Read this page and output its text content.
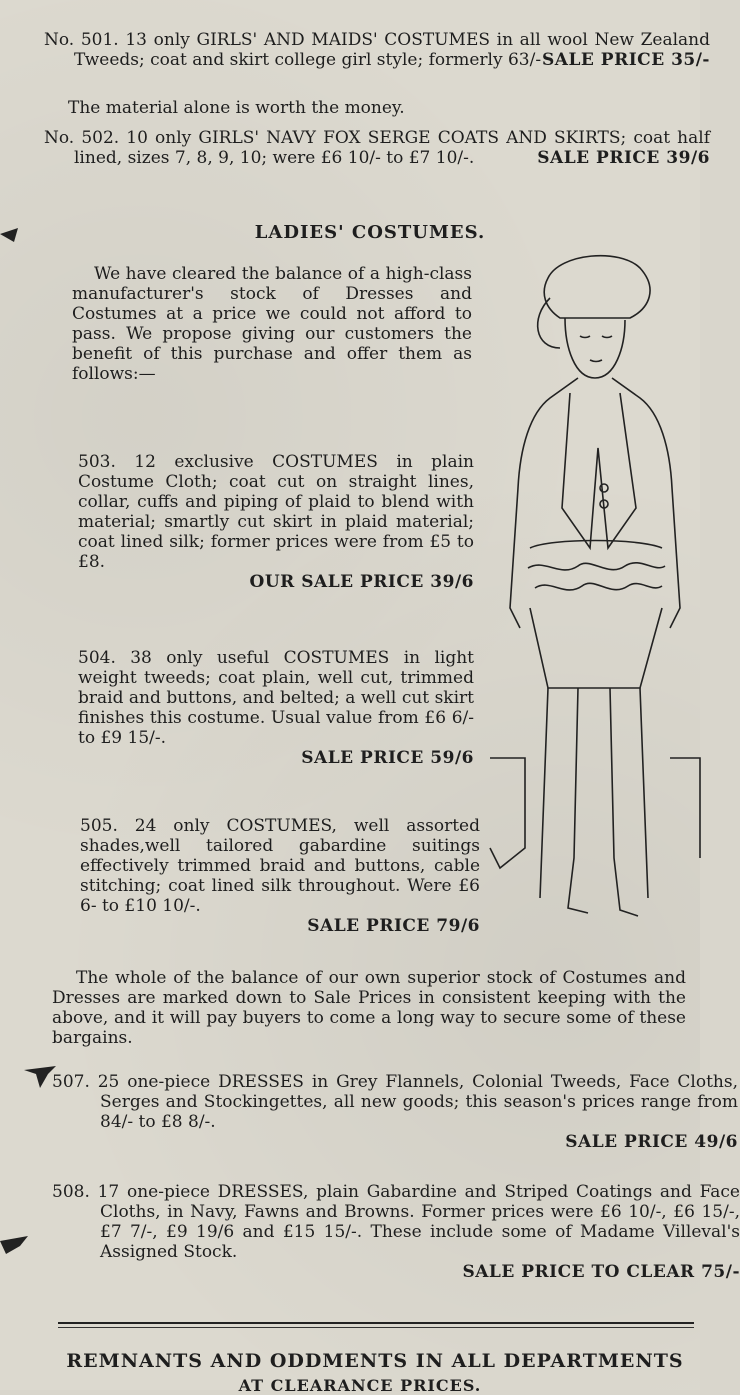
No. 501. 13 only GIRLS' AND MAIDS' COSTUMES in all wool New Zealand Tweeds; coat and skirt college girl style; formerly 63/- SALE PRICE 35/-
The material alone is worth the money.
No. 502. 10 only GIRLS' NAVY FOX SERGE COATS AND SKIRTS; coat half lined, sizes 7, 8, 9, 10; were £6 10/- to £7 10/-.	SALE PRICE 39/6
LADIES' COSTUMES.
We have cleared the balance of a high-class manufacturer's stock of Dresses and Costumes at a price we could not afford to pass. We propose giving our customers the benefit of this purchase and offer them as follows:—
503. 12 exclusive COSTUMES in plain Costume Cloth; coat cut on straight lines, collar, cuffs and piping of plaid to blend with material; smartly cut skirt in plaid material; coat lined silk; former prices were from £5 to £8.
OUR SALE PRICE 39/6
504. 38 only useful COSTUMES in light weight tweeds; coat plain, well cut, trimmed braid and buttons, and belted; a well cut skirt finishes this costume. Usual value from £6 6/- to £9 15/-.
SALE PRICE 59/6
505. 24 only COSTUMES, well assorted shades,well tailored gabardine suitings effectively trimmed braid and buttons, cable stitching; coat lined silk throughout. Were £6 6- to £10 10/-.
SALE PRICE 79/6
The whole of the balance of our own superior stock of Costumes and Dresses are marked down to Sale Prices in consistent keeping with the above, and it will pay buyers to come a long way to secure some of these bargains.
507. 25 one-piece DRESSES in Grey Flannels, Colonial Tweeds, Face Cloths, Serges and Stockingettes, all new goods; this season's prices range from 84/- to £8 8/-.
SALE PRICE 49/6
508. 17 one-piece DRESSES, plain Gabardine and Striped Coatings and Face Cloths, in Navy, Fawns and Browns. Former prices were £6 10/-, £6 15/-, £7 7/-, £9 19/6 and £15 15/-. These include some of Madame Villeval's Assigned Stock.
SALE PRICE TO CLEAR 75/-
REMNANTS AND ODDMENTS IN ALL DEPARTMENTS
AT CLEARANCE PRICES.
